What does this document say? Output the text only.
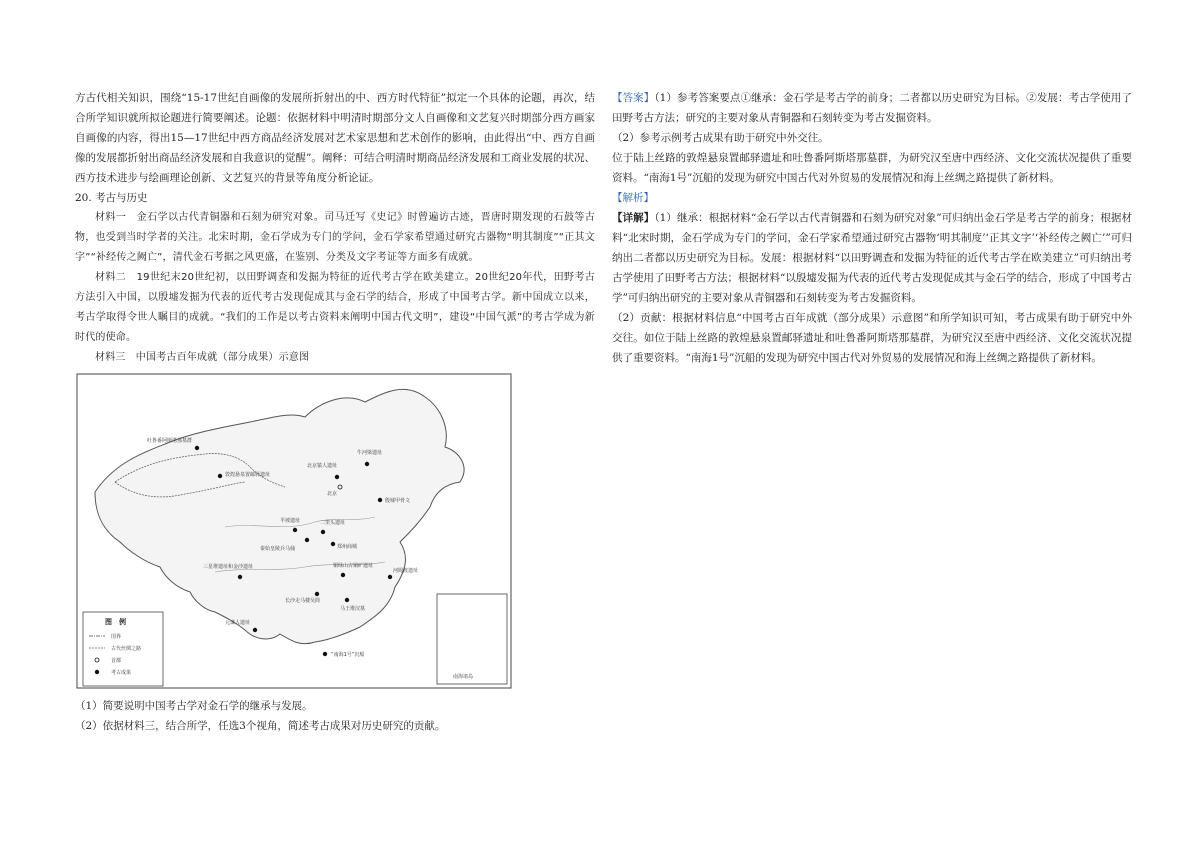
方古代相关知识，围绕“15-17世纪自画像的发展所折射出的中、西方时代特征”拟定一个具体的论题，再次，结合所学知识就所拟论题进行简要阐述。论题：依据材料中明清时期部分文人自画像和文艺复兴时期部分西方画家自画像的内容，得出15—17世纪中西方商品经济发展对艺术家思想和艺术创作的影响，由此得出“中、西方自画像的发展都折射出商品经济发展和自我意识的觉醒”。阐释：可结合明清时期商品经济发展和工商业发展的状况、西方技术进步与绘画理论创新、文艺复兴的背景等角度分析论证。

20. 考古与历史

材料一　金石学以古代青铜器和石刻为研究对象。司马迁写《史记》时曾遍访古迹，晋唐时期发现的石鼓等古物，也受到当时学者的关注。北宋时期，金石学成为专门的学问，金石学家希望通过研究古器物“明其制度”“正其文字”“补经传之阙亡”，清代金石考据之风更盛，在鉴别、分类及文字考证等方面多有成就。

材料二　19世纪末20世纪初，以田野调查和发掘为特征的近代考古学在欧美建立。20世纪20年代，田野考古方法引入中国，以殷墟发掘为代表的近代考古发现促成其与金石学的结合，形成了中国考古学。新中国成立以来，考古学取得令世人瞩目的成就。“我们的工作是以考古资料来阐明中国古代文明”，建设“中国气派”的考古学成为新时代的使命。

材料三　中国考古百年成就（部分成果）示意图

南海诸岛
吐鲁番阿斯塔那墓群
敦煌悬泉置邮驿遗址
北京猿人遗址
牛河梁遗址
北京
殷墟甲骨文
半坡遗址	二里头遗址
秦始皇陵兵马俑	郑州商城
三星堆遗址和金沙遗址	铜绿山古铜矿遗址
长沙走马楼吴简
马王堆汉墓
河姆渡遗址
元谋人遗址
“南海1号”沉船
图　例
国界
古代丝绸之路
首都
考古成果

（1）简要说明中国考古学对金石学的继承与发展。

（2）依据材料三，结合所学，任选3个视角，简述考古成果对历史研究的贡献。

【答案】（1）参考答案要点①继承：金石学是考古学的前身；二者都以历史研究为目标。②发展：考古学使用了田野考古方法；研究的主要对象从青铜器和石刻转变为考古发掘资料。

（2）参考示例考古成果有助于研究中外交往。

位于陆上丝路的敦煌悬泉置邮驿遗址和吐鲁番阿斯塔那墓群，为研究汉至唐中西经济、文化交流状况提供了重要资料。“南海1号”沉船的发现为研究中国古代对外贸易的发展情况和海上丝绸之路提供了新材料。

【解析】

【详解】（1）继承：根据材料“金石学以古代青铜器和石刻为研究对象”可归纳出金石学是考古学的前身；根据材料“北宋时期，金石学成为专门的学问，金石学家希望通过研究古器物‘明其制度’‘正其文字’‘补经传之阙亡’”可归纳出二者都以历史研究为目标。发展：根据材料“以田野调查和发掘为特征的近代考古学在欧美建立”可归纳出考古学使用了田野考古方法；根据材料“以殷墟发掘为代表的近代考古发现促成其与金石学的结合，形成了中国考古学”可归纳出研究的主要对象从青铜器和石刻转变为考古发掘资料。

（2）贡献：根据材料信息“中国考古百年成就（部分成果）示意图”和所学知识可知，考古成果有助于研究中外交往。如位于陆上丝路的敦煌悬泉置邮驿遗址和吐鲁番阿斯塔那墓群，为研究汉至唐中西经济、文化交流状况提供了重要资料。“南海1号”沉船的发现为研究中国古代对外贸易的发展情况和海上丝绸之路提供了新材料。
